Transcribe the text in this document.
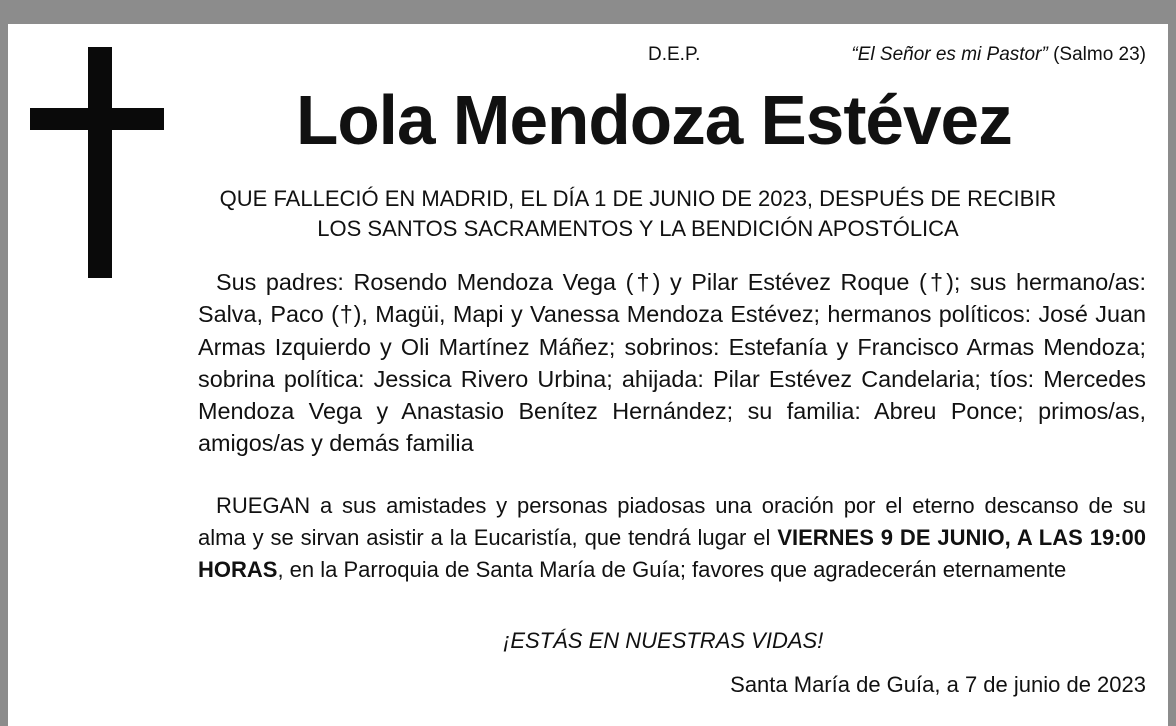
D.E.P.	“El Señor es mi Pastor” (Salmo 23)
Lola Mendoza Estévez
QUE FALLECIÓ EN MADRID, EL DÍA 1 DE JUNIO DE 2023, DESPUÉS DE RECIBIR
LOS SANTOS SACRAMENTOS Y LA BENDICIÓN APOSTÓLICA
Sus padres: Rosendo Mendoza Vega (†) y Pilar Estévez Roque (†); sus hermano/as: Salva, Paco (†), Magüi, Mapi y Vanessa Mendoza Estévez; hermanos políticos: José Juan Armas Izquierdo y Oli Martínez Máñez; sobrinos: Estefanía y Francisco Armas Mendoza; sobrina política: Jessica Rivero Urbina; ahijada: Pilar Estévez Candelaria; tíos: Mercedes Mendoza Vega y Anastasio Benítez Hernández; su familia: Abreu Ponce; primos/as, amigos/as y demás familia
RUEGAN a sus amistades y personas piadosas una oración por el eterno descanso de su alma y se sirvan asistir a la Eucaristía, que tendrá lugar el VIERNES 9 DE JUNIO, A LAS 19:00 HORAS, en la Parroquia de Santa María de Guía; favores que agradecerán eternamente
¡ESTÁS EN NUESTRAS VIDAS!
Santa María de Guía, a 7 de junio de 2023
